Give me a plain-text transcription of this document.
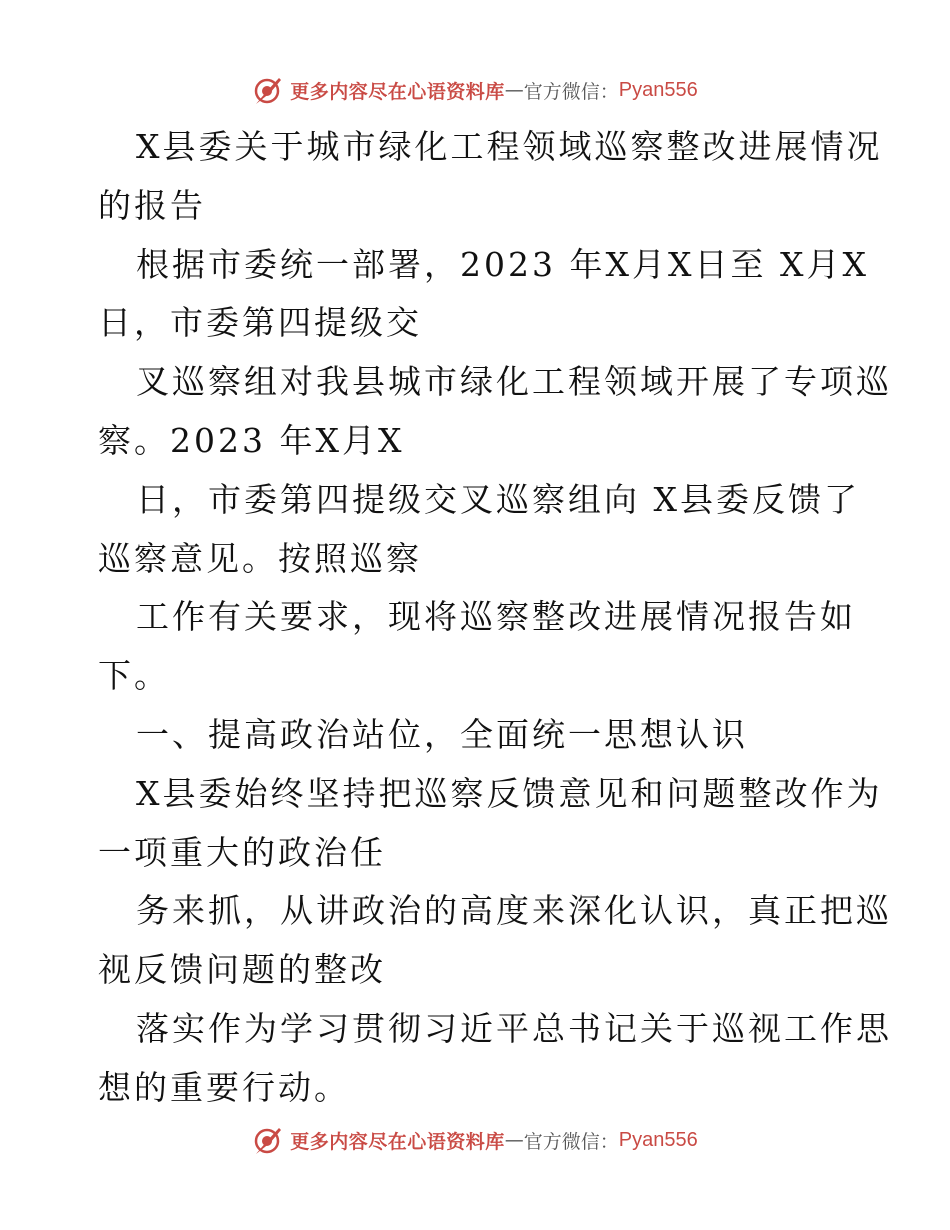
更多内容尽在心语资料库 — 官方微信： Pyan556
X县委关于城市绿化工程领域巡察整改进展情况
的报告
根据市委统一部署，2023 年X月X日至 X月X
日，市委第四提级交
叉巡察组对我县城市绿化工程领域开展了专项巡
察。2023 年X月X
日，市委第四提级交叉巡察组向 X县委反馈了
巡察意见。按照巡察
工作有关要求，现将巡察整改进展情况报告如
下。
一、提高政治站位，全面统一思想认识
X县委始终坚持把巡察反馈意见和问题整改作为
一项重大的政治任
务来抓，从讲政治的高度来深化认识，真正把巡
视反馈问题的整改
落实作为学习贯彻习近平总书记关于巡视工作思
想的重要行动。
更多内容尽在心语资料库 — 官方微信： Pyan556
